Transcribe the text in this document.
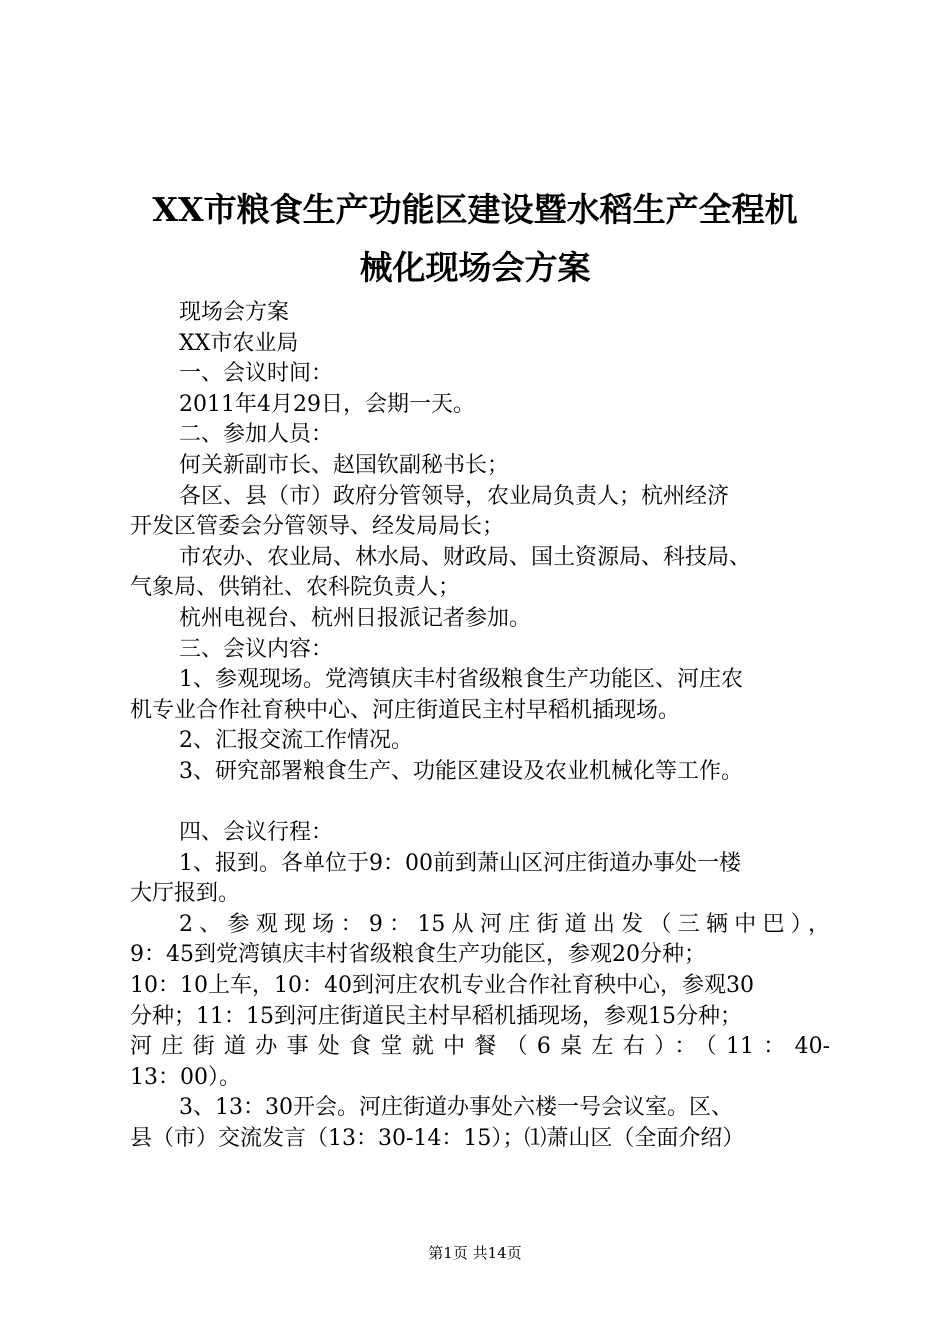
XX市粮食生产功能区建设暨水稻生产全程机
械化现场会方案
现场会方案
XX市农业局
一、会议时间：
2011年4月29日，会期一天。
二、参加人员：
何关新副市长、赵国钦副秘书长；
各区、县（市）政府分管领导，农业局负责人；杭州经济
开发区管委会分管领导、经发局局长；
市农办、农业局、林水局、财政局、国土资源局、科技局、
气象局、供销社、农科院负责人；
杭州电视台、杭州日报派记者参加。
三、会议内容：
1、参观现场。党湾镇庆丰村省级粮食生产功能区、河庄农
机专业合作社育秧中心、河庄街道民主村早稻机插现场。
2、汇报交流工作情况。
3、研究部署粮食生产、功能区建设及农业机械化等工作。
四、会议行程：
1、报到。各单位于9：00前到萧山区河庄街道办事处一楼
大厅报到。
2、参观现场：9：15从河庄街道出发（三辆中巴），
9：45到党湾镇庆丰村省级粮食生产功能区，参观20分种；
10：10上车，10：40到河庄农机专业合作社育秧中心，参观30
分种；11：15到河庄街道民主村早稻机插现场，参观15分种；
河庄街道办事处食堂就中餐（6桌左右）：（11：40-
13：00）。
3、13：30开会。河庄街道办事处六楼一号会议室。区、
县（市）交流发言（13：30-14：15）；⑴萧山区（全面介绍）
第1页 共14页
